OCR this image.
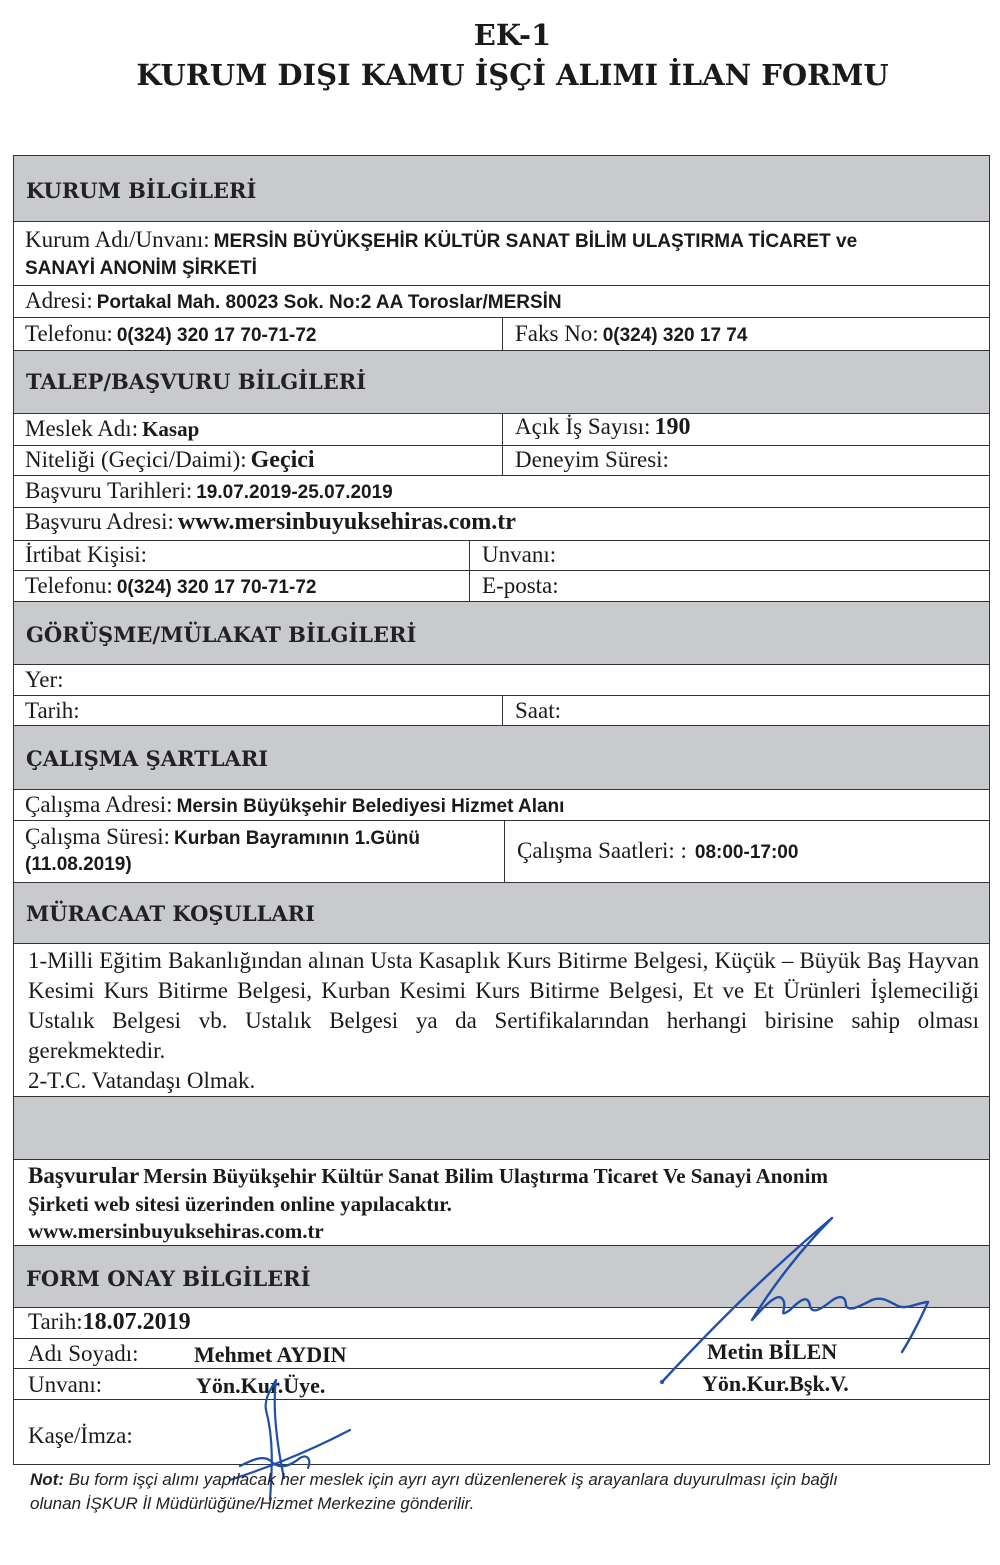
EK-1
KURUM DIŞI KAMU İŞÇİ ALIMI İLAN FORMU
KURUM BİLGİLERİ
Kurum Adı/Unvanı: MERSİN BÜYÜKŞEHİR KÜLTÜR SANAT BİLİM ULAŞTIRMA TİCARET ve
SANAYİ ANONİM ŞİRKETİ
Adresi: Portakal Mah. 80023 Sok. No:2 AA Toroslar/MERSİN
Telefonu: 0(324) 320 17 70-71-72	Faks No: 0(324) 320 17 74
TALEP/BAŞVURU BİLGİLERİ
Meslek Adı: Kasap	Açık İş Sayısı: 190
Niteliği (Geçici/Daimi): Geçici	Deneyim Süresi:
Başvuru Tarihleri: 19.07.2019-25.07.2019
Başvuru Adresi: www.mersinbuyuksehiras.com.tr
İrtibat Kişisi:	Unvanı:
Telefonu: 0(324) 320 17 70-71-72	E-posta:
GÖRÜŞME/MÜLAKAT BİLGİLERİ
Yer:
Tarih:	Saat:
ÇALIŞMA ŞARTLARI
Çalışma Adresi: Mersin Büyükşehir Belediyesi Hizmet Alanı
Çalışma Süresi: Kurban Bayramının 1.Günü
(11.08.2019)
Çalışma Saatleri: : 08:00-17:00
MÜRACAAT KOŞULLARI
1-Milli Eğitim Bakanlığından alınan Usta Kasaplık Kurs Bitirme Belgesi, Küçük – Büyük Baş Hayvan Kesimi Kurs Bitirme Belgesi, Kurban Kesimi Kurs Bitirme Belgesi, Et ve Et Ürünleri İşlemeciliği Ustalık Belgesi vb. Ustalık Belgesi ya da Sertifikalarından herhangi birisine sahip olması gerekmektedir.
2-T.C. Vatandaşı Olmak.
Başvurular Mersin Büyükşehir Kültür Sanat Bilim Ulaştırma Ticaret Ve Sanayi Anonim
Şirketi web sitesi üzerinden online yapılacaktır.
www.mersinbuyuksehiras.com.tr
FORM ONAY BİLGİLERİ
Tarih:18.07.2019
Adı Soyadı:	Mehmet AYDIN	Metin BİLEN
Unvanı:	Yön.Kur.Üye.	Yön.Kur.Bşk.V.
Kaşe/İmza:
Not: Bu form işçi alımı yapılacak her meslek için ayrı ayrı düzenlenerek iş arayanlara duyurulması için bağlı
olunan İŞKUR İl Müdürlüğüne/Hizmet Merkezine gönderilir.
